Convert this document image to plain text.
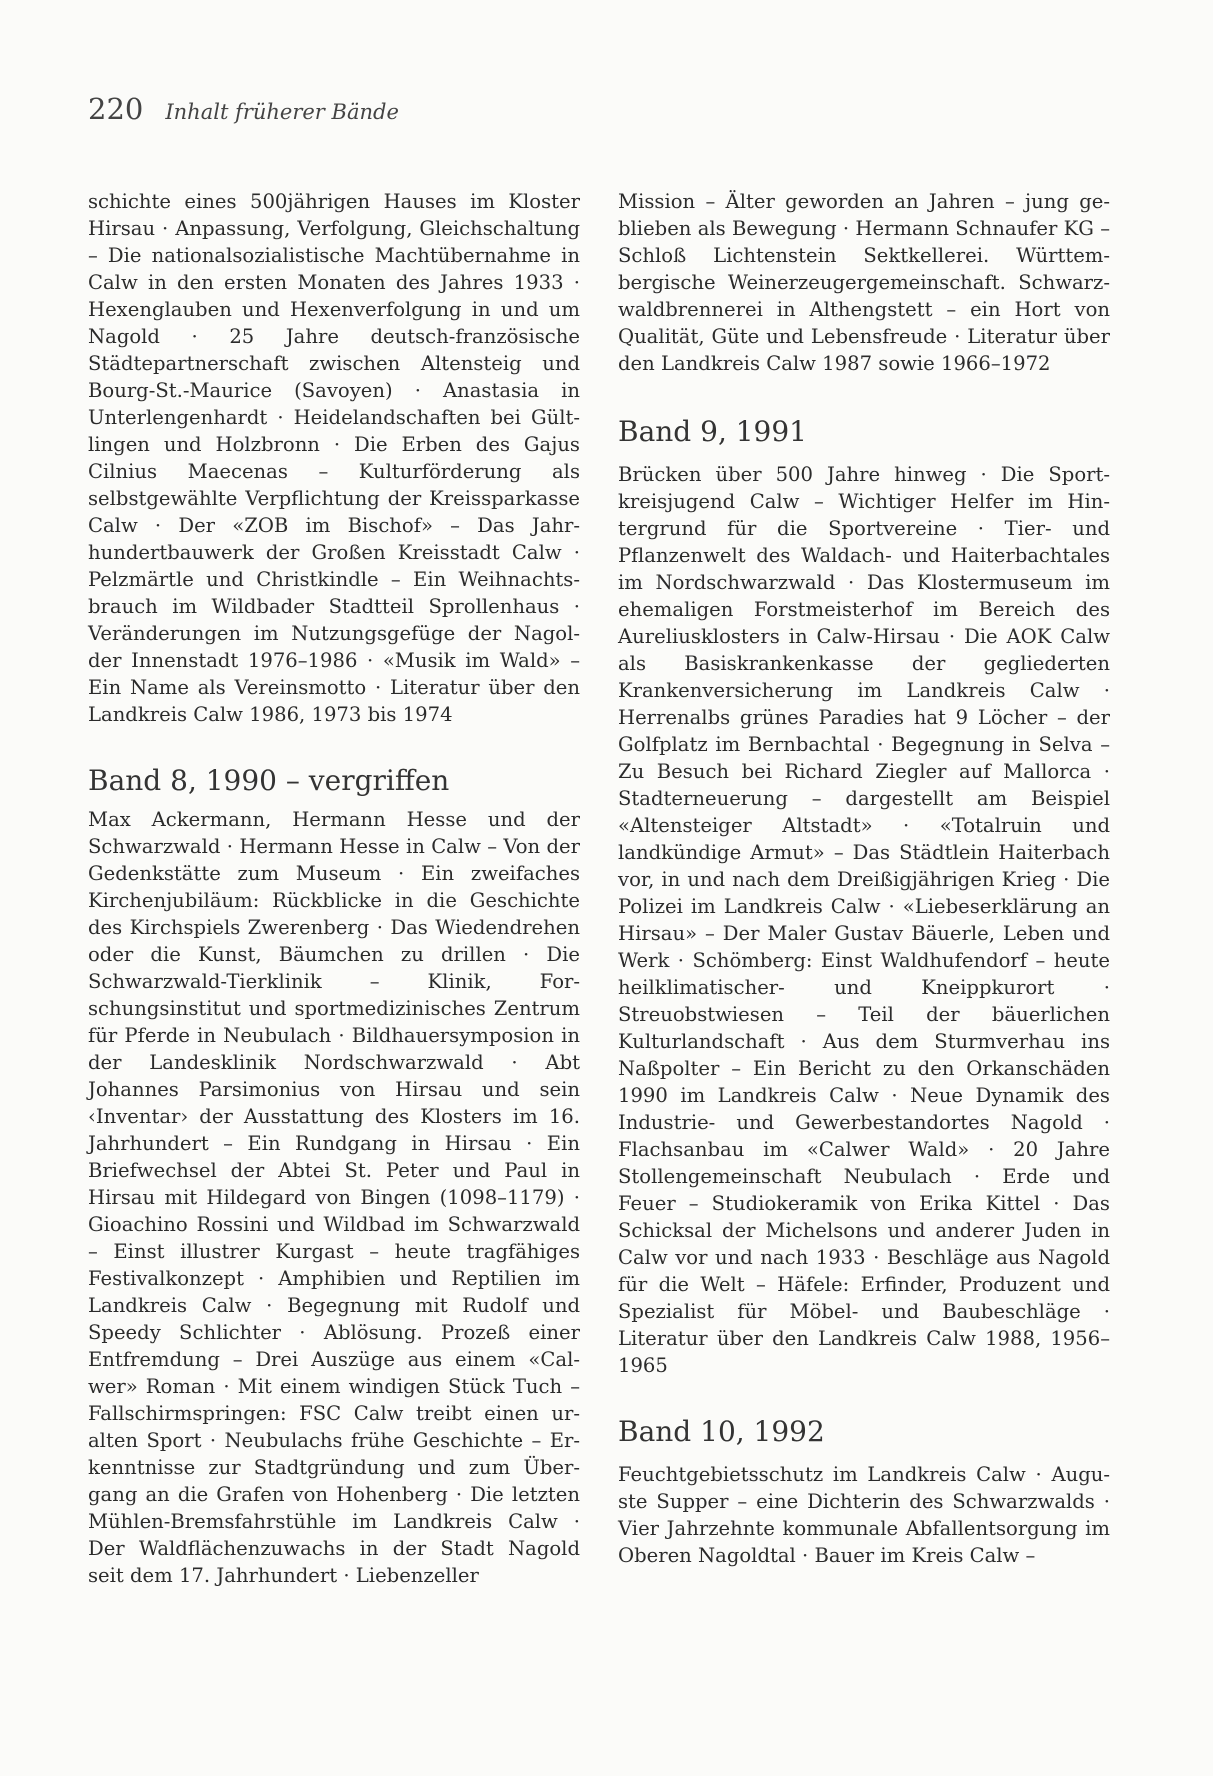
220 Inhalt früherer Bände

schichte eines 500jährigen Hauses im Kloster Hirsau · Anpassung, Verfolgung, Gleichschaltung – Die nationalsozialistische Machtübernahme in Calw in den ersten Monaten des Jahres 1933 · Hexenglauben und Hexenverfolgung in und um Nagold · 25 Jahre deutsch-französische Städtepartnerschaft zwischen Altensteig und Bourg-St.-Maurice (Savoyen) · Anastasia in Unterlengenhardt · Heidelandschaften bei Gültlingen und Holzbronn · Die Erben des Gajus Cilnius Maecenas – Kulturförderung als selbstgewählte Verpflichtung der Kreissparkasse Calw · Der «ZOB im Bischof» – Das Jahrhundertbauwerk der Großen Kreisstadt Calw · Pelzmärtle und Christkindle – Ein Weihnachtsbrauch im Wildbader Stadtteil Sprollenhaus · Veränderungen im Nutzungsgefüge der Nagolder Innenstadt 1976–1986 · «Musik im Wald» – Ein Name als Vereinsmotto · Literatur über den Landkreis Calw 1986, 1973 bis 1974

Band 8, 1990 – vergriffen

Max Ackermann, Hermann Hesse und der Schwarzwald · Hermann Hesse in Calw – Von der Gedenkstätte zum Museum · Ein zweifaches Kirchenjubiläum: Rückblicke in die Geschichte des Kirchspiels Zwerenberg · Das Wiedendrehen oder die Kunst, Bäumchen zu drillen · Die Schwarzwald-Tierklinik – Klinik, Forschungsinstitut und sportmedizinisches Zentrum für Pferde in Neubulach · Bildhauersymposion in der Landesklinik Nordschwarzwald · Abt Johannes Parsimonius von Hirsau und sein ‹Inventar› der Ausstattung des Klosters im 16. Jahrhundert – Ein Rundgang in Hirsau · Ein Briefwechsel der Abtei St. Peter und Paul in Hirsau mit Hildegard von Bingen (1098–1179) · Gioachino Rossini und Wildbad im Schwarzwald – Einst illustrer Kurgast – heute tragfähiges Festivalkonzept · Amphibien und Reptilien im Landkreis Calw · Begegnung mit Rudolf und Speedy Schlichter · Ablösung. Prozeß einer Entfremdung – Drei Auszüge aus einem «Calwer» Roman · Mit einem windigen Stück Tuch – Fallschirmspringen: FSC Calw treibt einen uralten Sport · Neubulachs frühe Geschichte – Erkenntnisse zur Stadtgründung und zum Übergang an die Grafen von Hohenberg · Die letzten Mühlen-Bremsfahrstühle im Landkreis Calw · Der Waldflächenzuwachs in der Stadt Nagold seit dem 17. Jahrhundert · Liebenzeller

Mission – Älter geworden an Jahren – jung geblieben als Bewegung · Hermann Schnaufer KG – Schloß Lichtenstein Sektkellerei. Württembergische Weinerzeugergemeinschaft. Schwarzwaldbrennerei in Althengstett – ein Hort von Qualität, Güte und Lebensfreude · Literatur über den Landkreis Calw 1987 sowie 1966–1972

Band 9, 1991

Brücken über 500 Jahre hinweg · Die Sportkreisjugend Calw – Wichtiger Helfer im Hintergrund für die Sportvereine · Tier- und Pflanzenwelt des Waldach- und Haiterbachtales im Nordschwarzwald · Das Klostermuseum im ehemaligen Forstmeisterhof im Bereich des Aureliusklosters in Calw-Hirsau · Die AOK Calw als Basiskrankenkasse der gegliederten Krankenversicherung im Landkreis Calw · Herrenalbs grünes Paradies hat 9 Löcher – der Golfplatz im Bernbachtal · Begegnung in Selva – Zu Besuch bei Richard Ziegler auf Mallorca · Stadterneuerung – dargestellt am Beispiel «Altensteiger Altstadt» · «Totalruin und landkündige Armut» – Das Städtlein Haiterbach vor, in und nach dem Dreißigjährigen Krieg · Die Polizei im Landkreis Calw · «Liebeserklärung an Hirsau» – Der Maler Gustav Bäuerle, Leben und Werk · Schömberg: Einst Waldhufendorf – heute heilklimatischer- und Kneippkurort · Streuobstwiesen – Teil der bäuerlichen Kulturlandschaft · Aus dem Sturmverhau ins Naßpolter – Ein Bericht zu den Orkanschäden 1990 im Landkreis Calw · Neue Dynamik des Industrie- und Gewerbestandortes Nagold · Flachsanbau im «Calwer Wald» · 20 Jahre Stollengemeinschaft Neubulach · Erde und Feuer – Studiokeramik von Erika Kittel · Das Schicksal der Michelsons und anderer Juden in Calw vor und nach 1933 · Beschläge aus Nagold für die Welt – Häfele: Erfinder, Produzent und Spezialist für Möbel- und Baubeschläge · Literatur über den Landkreis Calw 1988, 1956–1965

Band 10, 1992

Feuchtgebietsschutz im Landkreis Calw · Auguste Supper – eine Dichterin des Schwarzwalds · Vier Jahrzehnte kommunale Abfallentsorgung im Oberen Nagoldtal · Bauer im Kreis Calw –
